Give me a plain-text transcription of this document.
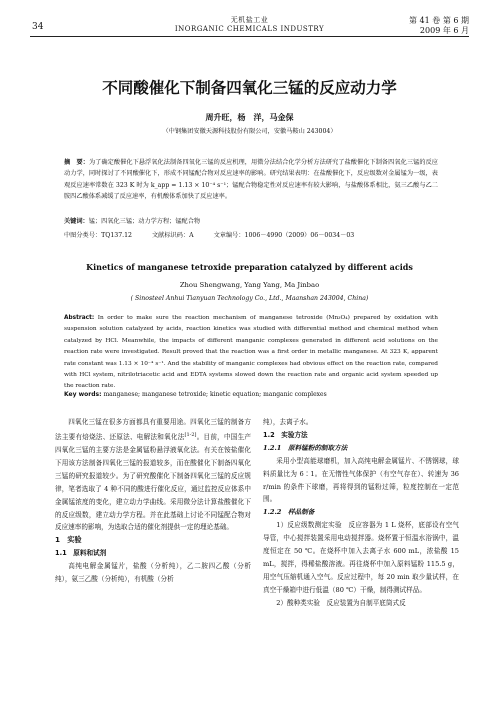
无机盐工业
INORGANIC CHEMICALS INDUSTRY
34
第 41 卷 第 6 期
2009 年 6 月
不同酸催化下制备四氧化三锰的反应动力学
周升旺，杨　洋，马金保
（中钢集团安徽天源科技股份有限公司，安徽马鞍山 243004）
摘　要：为了确定酸催化下悬浮氧化法制备四氧化三锰的反应机理，用微分法结合化学分析方法研究了盐酸催化下制备四氧化三锰的反应动力学，同时探讨了不同酸催化下，形成不同锰配合物对反应速率的影响。研究结果表明：在盐酸催化下，反应级数对金属锰为一级，表观反应速率常数在 323 K 时为 k_app = 1.13 × 10⁻⁴ s⁻¹；锰配合物稳定性对反应速率有较大影响，与盐酸体系相比，氨三乙酸与乙二胺四乙酸体系减缓了反应速率，有机酸体系加快了反应速率。
关键词：锰；四氧化三锰；动力学方程；锰配合物
中图分类号：TQ137.12	文献标识码：A	文章编号：1006－4990（2009）06－0034－03
Kinetics of manganese tetroxide preparation catalyzed by different acids
Zhou Shengwang, Yang Yang, Ma Jinbao
( Sinosteel Anhui Tianyuan Technology Co., Ltd., Maanshan 243004, China)
Abstract: In order to make sure the reaction mechanism of manganese tetroxide (Mn₃O₄) prepared by oxidation with suspension solution catalyzed by acids, reaction kinetics was studied with differential method and chemical method when catalyzed by HCl. Meanwhile, the impacts of different manganic complexes generated in different acid solutions on the reaction rate were investigated. Result proved that the reaction was a first order in metallic manganese. At 323 K, apparent rate constant was 1.13 × 10⁻⁴ s⁻¹. And the stability of manganic complexes had obvious effect on the reaction rate, compared with HCl system, nitrilotriacetic acid and EDTA systems slowed down the reaction rate and organic acid system speeded up the reaction rate.
Key words: manganese; manganese tetroxide; kinetic equation; manganic complexes

四氧化三锰在很多方面都具有重要用途。四氧化三锰的制备方法主要有焙烧法、还原法、电解法和氧化法[1-2]。目前，中国生产四氧化三锰的主要方法是金属锰粉悬浮液氧化法。有关在铵盐催化下用该方法制备四氧化三锰的报道较多，而在酸催化下制备四氧化三锰的研究报道较少。为了研究酸催化下制备四氧化三锰的反应规律，笔者选取了 4 种不同的酸进行催化反应，通过监控反应体系中金属锰浓度的变化，建立动力学曲线。采用微分法计算盐酸催化下的反应级数，建立动力学方程。并在此基础上讨论不同锰配合物对反应速率的影响，为选取合适的催化剂提供一定的理论基础。

1　实验

1.1　原料和试剂

高纯电解金属锰片，盐酸（分析纯），乙二胺四乙酸（分析纯），氨三乙酸（分析纯），有机酸（分析

纯），去离子水。

1.2　实验方法

1.2.1　原料锰粉的制取方法

采用小型高能球磨机，加入高纯电解金属锰片、不锈钢球，球料质量比为 6∶1。在无惰性气体保护（有空气存在）、转速为 36 r/min 的条件下球磨，再将得到的锰粉过筛，粒度控制在一定范围。

1.2.2　样品制备

1）反应级数测定实验　反应容器为 1 L 烧杯，底部设有空气导管，中心搅拌装置采用电动搅拌器。烧杯置于恒温水浴锅中，温度恒定在 50 ℃。在烧杯中加入去离子水 600 mL，浓盐酸 15 mL，搅拌，得稀盐酸溶液。再往烧杯中加入原料锰粉 115.5 g，用空气压缩机通入空气。反应过程中，每 20 min 取少量试样，在真空干燥箱中进行低温（80 ℃）干燥，制得测试样品。

2）酸种类实验　反应装置为自制平底筒式反
